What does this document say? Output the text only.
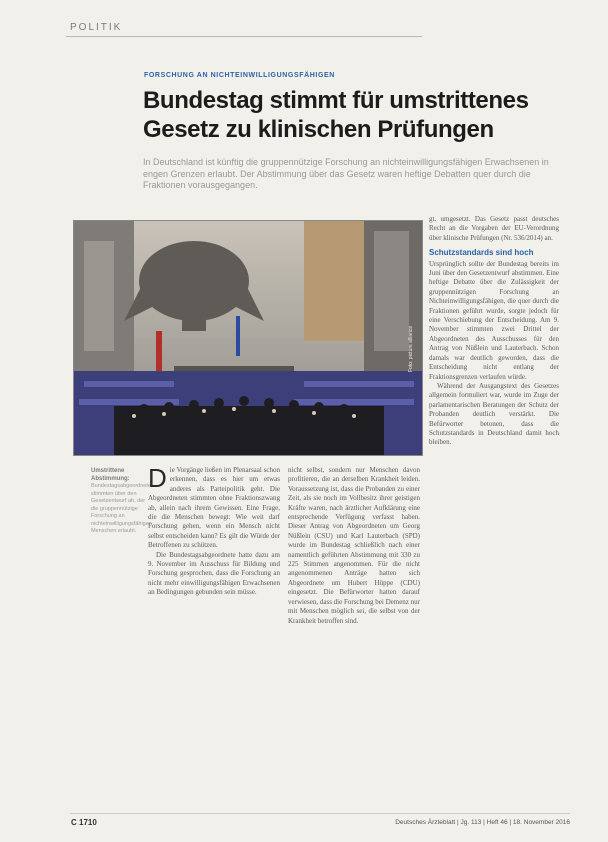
POLITIK
FORSCHUNG AN NICHTEINWILLIGUNGSFÄHIGEN
Bundestag stimmt für umstrittenes Gesetz zu klinischen Prüfungen
In Deutschland ist künftig die gruppennützige Forschung an nichteinwilligungsfähigen Erwachsenen in engen Grenzen erlaubt. Der Abstimmung über das Gesetz waren heftige Debatten quer durch die Fraktionen vorausgegangen.
Foto: picture alliance
Umstrittene Abstimmung:
Bundestagsabgeordnete stimmten über den Gesetzentwurf ab, der die gruppennützige Forschung an nichteinwilligungsfähigen Menschen erlaubt.
D ie Vorgänge ließen im Plenarsaal schon erkennen, dass es hier um etwas anderes als Parteipolitik geht. Die Abgeordneten stimmten ohne Fraktionszwang ab, allein nach ihrem Gewissen. Eine Frage, die die Menschen bewegt: Wie weit darf Forschung gehen, wenn ein Mensch nicht selbst entscheiden kann? Es gilt die Würde der Betroffenen zu schützen.

Die Bundestagsabgeordnete hatte dazu am 9. November im Ausschuss für Bildung und Forschung gesprochen, dass die Forschung an nicht mehr einwilligungsfähigen Erwachsenen an Bedingungen gebunden sein müsse.

nicht selbst, sondern nur Menschen davon profitieren, die an derselben Krankheit leiden. Voraussetzung ist, dass die Probanden zu einer Zeit, als sie noch im Vollbesitz ihrer geistigen Kräfte waren, nach ärztlicher Aufklärung eine entsprechende Verfügung verfasst haben. Dieser Antrag von Abgeordneten um Georg Nüßlein (CSU) und Karl Lauterbach (SPD) wurde im Bundestag schließlich nach einer namentlich geführten Abstimmung mit 330 zu 225 Stimmen angenommen. Für die nicht angenommenen Anträge hatten sich Abgeordnete um Hubert Hüppe (CDU) eingesetzt. Die Befürworter hatten darauf verwiesen, dass die Forschung bei Demenz nur mit Menschen möglich sei, die selbst von der Krankheit betroffen sind.

gt, umgesetzt. Das Gesetz passt deutsches Recht an die Vorgaben der EU-Verordnung über klinische Prüfungen (Nr. 536/2014) an.

Schutzstandards sind hoch

Ursprünglich sollte der Bundestag bereits im Juni über den Gesetzentwurf abstimmen. Eine heftige Debatte über die Zulässigkeit der gruppennützigen Forschung an Nichteinwilligungsfähigen, die quer durch die Fraktionen geführt wurde, sorgte jedoch für eine Verschiebung der Entscheidung. Am 9. November stimmten zwei Drittel der Abgeordneten des Ausschusses für den Antrag von Nüßlein und Lauterbach. Schon damals war deutlich geworden, dass die Entscheidung nicht entlang der Fraktionsgrenzen verlaufen würde.

Während der Ausgangstext des Gesetzes allgemein formuliert war, wurde im Zuge der parlamentarischen Beratungen der Schutz der Probanden deutlich verstärkt. Die Befürworter betonen, dass die Schutzstandards in Deutschland damit hoch bleiben.

C 1710	Deutsches Ärzteblatt | Jg. 113 | Heft 46 | 18. November 2016
